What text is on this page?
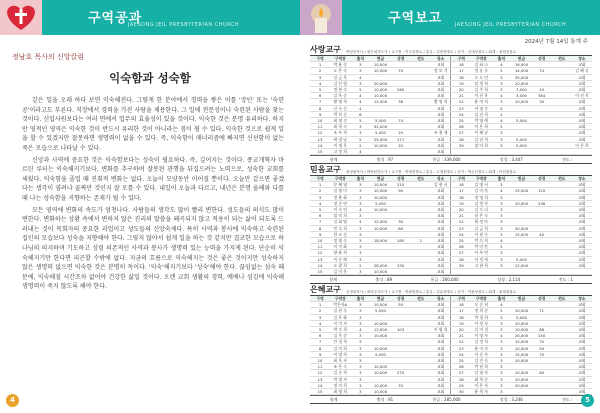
구역공과
JAESONG JEIL PRESBYTERIAN CHURCH
정남호 목사의 신앙칼럼
익숙함과 성숙함

같은 일을 오래 하다 보면 익숙해진다. 그렇게 한 분야에서 경력을 쌓은 이를 '장인' 또는 '숙련공'이라고도 부른다. 직장에서 경력을 가진 사람을 채용한다. 그 일에 전문성이나 숙련된 사람을 찾는 것이다. 신입사원보다는 여러 면에서 업무의 효율성이 있을 것이다. 익숙한 것은 분명 유리하다. 하지만 영적인 영역은 익숙한 것이 반드시 유리한 것이 아니라는 점이 될 수 있다. 익숙한 것으로 쉽게 일을 할 수 있겠지만 잘못하면 생명력이 없을 수 있다. 즉, 익숙함이 매너리즘에 빠지면 신선함이 없는 죽은 모습으로 나타날 수 있다.

신앙과 사역에 중요한 것은 익숙함보다는 성숙이 필요하다. 즉, 깊어지는 것이다. 종교개혁자 마르틴 루터는 익숙해지기보다, 변화를 추구하며 잘못된 관행을 뒤집으려는 노력으로, 성숙한 교회를 세웠다. 익숙함을 졸업 때 진취적 변화는 없다. 오늘이 모양동안 이어질 뿐이다. 오늘만 같으면 좋겠다는 생각이 염려나 골짜만 것인지 잘 모를 수 있다. 내일이 오늘과 다르고, 내년은 분명 올해와 다를 때 나는 성숙함을 지향하는 존재가 될 수 있다.

모든 영역에 변화의 속도가 엄청나다. 사람들의 생각도 많이 빨리 변한다. 성도들의 의식도 많이 변한다. 변화하는 상황 속에서 변하지 않은 진리의 말씀을 왜곡되지 않고 적용이 되는 삶이 되도록 드러내는 것이 목회자의 중요한 과업이고 성도들의 신앙숙제다. 특히 사역과 봉사에 익숙하고 숙련된 집인의 모습보다 성숙을 지향해야 한다. 그렇지 않아서 쉽게 일을 하는 것 같지만 결코한 모습으로 하나님의 의지하며 기도하고 성령 의존적인 사역과 봉사가 생명력 있는 능력을 가지게 된다. 단순히 익숙해지기만 한다면 피곤할 수밖에 없다. 지금의 흐름으로 익숙해지는 것은 좋은 것이지만 성숙하지 않은 생명력 없으면 익숙한 것은 분명히 독이다. '익숙'해지기보다 '성숙'해야 한다. 끊임없는 섬숙 때문에, 익숙해질 시간조차 없어야 건강한 삶일 것이다. 오랜 교회 생활의 경력, 예배나 섬김에 익숙해 생명력이 죽지 않도록 해야 한다.

4
구역보고	JAESONG JEIL PRESBYTERIAN CHURCH
2024년 7월 14일 통계 주
사랑교구 박성민목사 / 정은희전도사 / 교구장 : 이주한장로 / 총무 : 김용범장로 / 서기 : 김대성장로 / 회계 : 정희진장로
구역	구역장	출석	헌금	성경	전도	장소	구역	구역장	출석	헌금	성경	전도	장소
1	박 윤 순	3	10,000			교회	16	김 하 나	4	16,000			교회
2	오 은 숙	3	10,000	70		정 보 석	17	정 유 숙	3	14,000	74		김 혜 숙
3	김 금 옥	4				교회	18	오 도 민	3	35,000			교회
4	김 인 엽	3	20,000			교회	19	임 정 희	3	20,000			교회
5	정 현 숙	5	10,000	260		교회	20	김 주 희	3	7,000	10		교회
6	김 옥 순	4	10,000			교회	21	이 선 옥	4	3,000	384		이 선 옥
7	황 명 희	4	12,000	36		황 명 희	22	윤 여 지	3	10,000	30		교회
8	신 숙 순	4				교회	23	이 명 순	5				교회
9	박 희 순	6				교회	24	김 진 희	2				교회
10	최 명 진	5	5,000	74		교회	25	박 영 애	4	5,000			교회
11	최 학 숙	3	52,000			교회	26	이 은 희	3				교회
12	조 부 희	3	5,000	20		조 용 재	27	이 해 남	3				교회
13	곽 경 남	5	25,000	171		교회	28	김 남 희	3	5,000			교회
14	이 명 옥	2	10,000	20		교회	29	장 미 희	5	5,000			이 은 희
15	고 정 희	4				교회							
합계	출석 : 97	헌금 : 339,000	성경 : 3,447	전도 :
믿음교구 최정원목사 / 박영란전도사 / 교구장 : 박재현장로 / 총무 : 고재현장로 / 서기 : 박주신장로 / 회계 : 이선원장로
구역	구역장	출석	헌금	성경	전도	장소	구역	구역장	출석	헌금	성경	전도	장소
1	문 혜 영	3	10,000	210		김 현 서	16	김 명 서	3				교회
2	김 영 미	3	10,000	90		교회	17	김 미 자	4	15,000	120		교회
3	정 춘 화	3	10,000			교회	18	정 명 희	3				교회
4	정 순 연	3	5,000			교회	19	김 정 자	3	10,000	236		교회
5	이 숙 연	4	10,000			교회	20	김 숙 녀	3				교회
6	임 덕 희	3				교회	21	남 은 숙	3				교회
7	김 화 영	4	12,000	30		교회	22	최 정 아	3				교회
8	민 숙 희	3	10,000	60		교회	23	김 금 희	3	30,000			교회
9	한 오 순	3				교회	24	이 현 숙	3	15,000	40		교회
10	정 영 숙	3	18,000	180	1	교회	25	박 숙 희	4				교회
11	이 미 화	3				교회	26	박 미 란	3				교회
12	양 윤 희	3				교회	27	이 부 연	3				교회
13	이 순 례	3				교회	28	이 정 애	3	5,000			교회
14	오 광 희	2	28,000	330		교회	29	고 현 희	3	12,000			교회
15	김 미 옥	3	10,000			교회							
합계	출석 : 89	헌금 : 260,000	성경 : 2,114	전도 : 1
은혜교구 김정희목사 / 최영주전도사 / 교구장 : 박광원장로 / 총무 : 김유정장로 / 서기 : 이완성장로 / 회계 : 최정희장로
구역	구역장	출석	헌금	성경	전도	장소	구역	구역장	출석	헌금	성경	전도	장소
1	박은자A	3	10,000	50		교회	16	오 순 희	4				교회
2	김 현 숙	3	5,000			교회	17	정 희 순	3	10,000	71		교회
3	김 은 화	3				교회	18	박 경 희	3	5,000			교회
4	이 미 자	3	10,000			교회	19	이 정 자	3	10,000			교회
5	박 숙 희	4	12,000	103		이 영 희	20	김 미 경	3	10,000	88		교회
6	김 옥 순	3	10,000			교회	21	이 명 자	4	20,000	150		교회
7	안 경 희	3				교회	22	김 정 희	3	15,000	70		교회
8	김 미 희	3	10,000			교회	23	윤 미 자	3	10,000	50		교회
9	이 명 희	3	5,000			교회	24	이 순 자	3	15,000	70		교회
10	최 옥 자	3				교회	25	김 진 숙	3	10,000			교회
11	조 은 숙	3	10,000			교회	26	박 현 희	3				교회
12	김 순 희	3	10,000	270		교회	27	김 영 자	3	10,000	60		교회
13	박 명 자	3				교회	28	최 희 순	3	10,000			교회
14	정 미 희	3	10,000	70		교회	29	이 은 자	3	20,000			교회
15	최 영 희	3	10,000			교회	30	윤 희 자	3				교회
합계	출석 : 91	헌금 : 285,000	성경 : 3,246	전도 :	5
